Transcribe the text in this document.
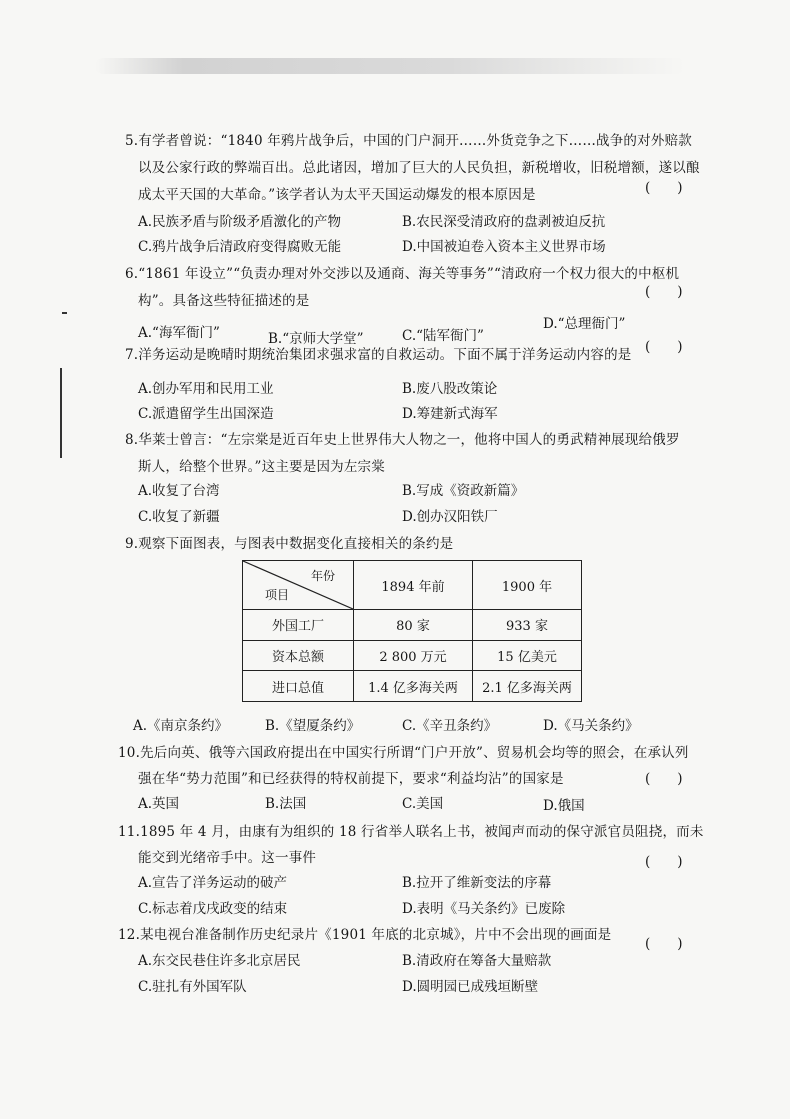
5.有学者曾说：“1840 年鸦片战争后，中国的门户洞开……外货竞争之下……战争的对外赔款
以及公家行政的弊端百出。总此诸因，增加了巨大的人民负担，新税增收，旧税增额，遂以酿
成太平天国的大革命。”该学者认为太平天国运动爆发的根本原因是	(　　)
A.民族矛盾与阶级矛盾激化的产物	B.农民深受清政府的盘剥被迫反抗
C.鸦片战争后清政府变得腐败无能	D.中国被迫卷入资本主义世界市场
6.“1861 年设立”“负责办理对外交涉以及通商、海关等事务”“清政府一个权力很大的中枢机
构”。具备这些特征描述的是
(　　)
A.“海军衙门”	B.“京师大学堂”	C.“陆军衙门”
D.“总理衙门”
7.洋务运动是晚晴时期统治集团求强求富的自救运动。下面不属于洋务运动内容的是 (　　)
A.创办军用和民用工业	B.废八股改策论
C.派遣留学生出国深造	D.筹建新式海军
8.华莱士曾言：“左宗棠是近百年史上世界伟大人物之一，他将中国人的勇武精神展现给俄罗
斯人，给整个世界。”这主要是因为左宗棠
A.收复了台湾	B.写成《资政新篇》
C.收复了新疆	D.创办汉阳铁厂
9.观察下面图表，与图表中数据变化直接相关的条约是
年份
项目	1894 年前	1900 年
外国工厂	80 家	933 家
资本总额	2 800 万元	15 亿美元
进口总值	1.4 亿多海关两	2.1 亿多海关两
A.《南京条约》	B.《望厦条约》	C.《辛丑条约》	D.《马关条约》
10.先后向英、俄等六国政府提出在中国实行所谓“门户开放”、贸易机会均等的照会，在承认列
强在华“势力范围”和已经获得的特权前提下，要求“利益均沾”的国家是	(　　)
A.英国	B.法国	C.美国	D.俄国
11.1895 年 4 月，由康有为组织的 18 行省举人联名上书，被闻声而动的保守派官员阻挠，而未
能交到光绪帝手中。这一事件	(　　)
A.宣告了洋务运动的破产	B.拉开了维新变法的序幕
C.标志着戊戌政变的结束	D.表明《马关条约》已废除
12.某电视台准备制作历史纪录片《1901 年底的北京城》，片中不会出现的画面是
(　　)
A.东交民巷住许多北京居民	B.清政府在筹备大量赔款
C.驻扎有外国军队	D.圆明园已成残垣断壁
